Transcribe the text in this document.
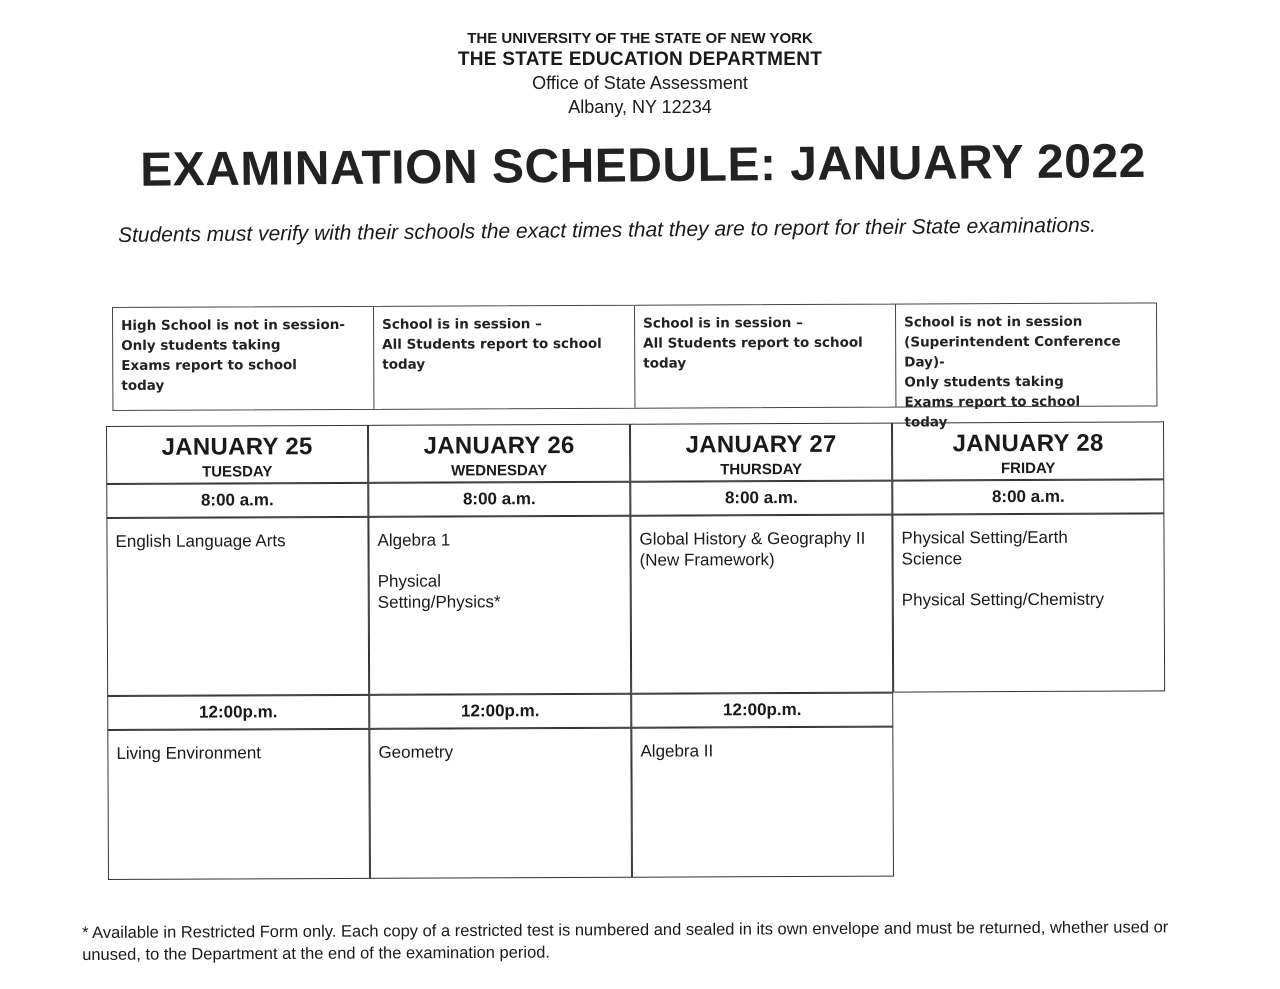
THE UNIVERSITY OF THE STATE OF NEW YORK
THE STATE EDUCATION DEPARTMENT
Office of State Assessment
Albany, NY 12234
EXAMINATION SCHEDULE: JANUARY 2022
Students must verify with their schools the exact times that they are to report for their State examinations.
High School is not in session-
Only students taking
Exams report to school
today
School is in session –
All Students report to school today
School is in session –
All Students report to school today
School is not in session
(Superintendent Conference Day)-
Only students taking
Exams report to school
today
JANUARY 25
TUESDAY
8:00 a.m.
English Language Arts
12:00p.m.
Living Environment
JANUARY 26
WEDNESDAY
8:00 a.m.
Algebra 1
Physical
Setting/Physics*
12:00p.m.
Geometry
JANUARY 27
THURSDAY
8:00 a.m.
Global History & Geography II
(New Framework)
12:00p.m.
Algebra II
JANUARY 28
FRIDAY
8:00 a.m.
Physical Setting/Earth
Science
Physical Setting/Chemistry
* Available in Restricted Form only. Each copy of a restricted test is numbered and sealed in its own envelope and must be returned, whether used or unused, to the Department at the end of the examination period.
